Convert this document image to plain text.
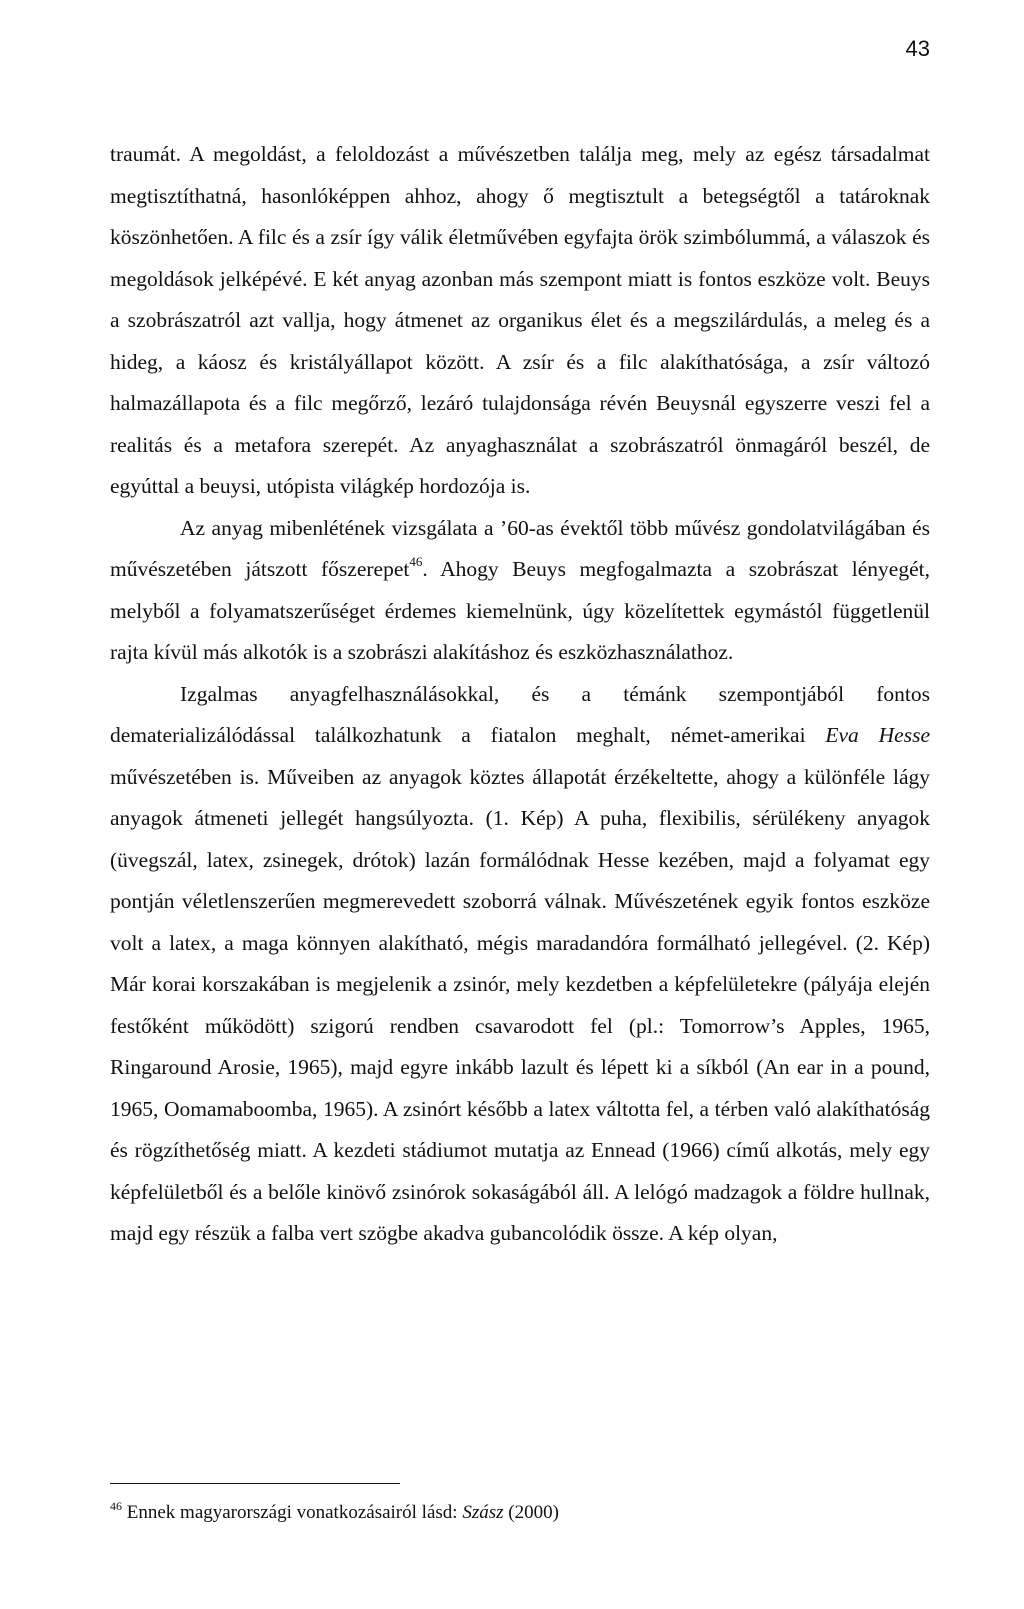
43

traumát. A megoldást, a feloldozást a művészetben találja meg, mely az egész társadalmat megtisztíthatná, hasonlóképpen ahhoz, ahogy ő megtisztult a betegségtől a tatároknak köszönhetően. A filc és a zsír így válik életművében egyfajta örök szimbólummá, a válaszok és megoldások jelképévé. E két anyag azonban más szempont miatt is fontos eszköze volt. Beuys a szobrászatról azt vallja, hogy átmenet az organikus élet és a megszilárdulás, a meleg és a hideg, a káosz és kristályállapot között. A zsír és a filc alakíthatósága, a zsír változó halmazállapota és a filc megőrző, lezáró tulajdonsága révén Beuysnál egyszerre veszi fel a realitás és a metafora szerepét. Az anyaghasználat a szobrászatról önmagáról beszél, de egyúttal a beuysi, utópista világkép hordozója is.

Az anyag mibenlétének vizsgálata a ’60-as évektől több művész gondolatvilágában és művészetében játszott főszerepet$^{46}$. Ahogy Beuys megfogalmazta a szobrászat lényegét, melyből a folyamatszerűséget érdemes kiemelnünk, úgy közelítettek egymástól függetlenül rajta kívül más alkotók is a szobrászi alakításhoz és eszközhasználathoz.

Izgalmas anyagfelhasználásokkal, és a témánk szempontjából fontos dematerializálódással találkozhatunk a fiatalon meghalt, német-amerikai Eva Hesse művészetében is. Műveiben az anyagok köztes állapotát érzékeltette, ahogy a különféle lágy anyagok átmeneti jellegét hangsúlyozta. (1. Kép) A puha, flexibilis, sérülékeny anyagok (üvegszál, latex, zsinegek, drótok) lazán formálódnak Hesse kezében, majd a folyamat egy pontján véletlenszerűen megmerevedett szoborrá válnak. Művészetének egyik fontos eszköze volt a latex, a maga könnyen alakítható, mégis maradandóra formálható jellegével. (2. Kép) Már korai korszakában is megjelenik a zsinór, mely kezdetben a képfelületekre (pályája elején festőként működött) szigorú rendben csavarodott fel (pl.: Tomorrow’s Apples, 1965, Ringaround Arosie, 1965), majd egyre inkább lazult és lépett ki a síkból (An ear in a pound, 1965, Oomamaboomba, 1965). A zsinórt később a latex váltotta fel, a térben való alakíthatóság és rögzíthetőség miatt. A kezdeti stádiumot mutatja az Ennead (1966) című alkotás, mely egy képfelületből és a belőle kinövő zsinórok sokaságából áll. A lelógó madzagok a földre hullnak, majd egy részük a falba vert szögbe akadva gubancolódik össze. A kép olyan,

$^{46}$ Ennek magyarországi vonatkozásairól lásd: Szász (2000)
